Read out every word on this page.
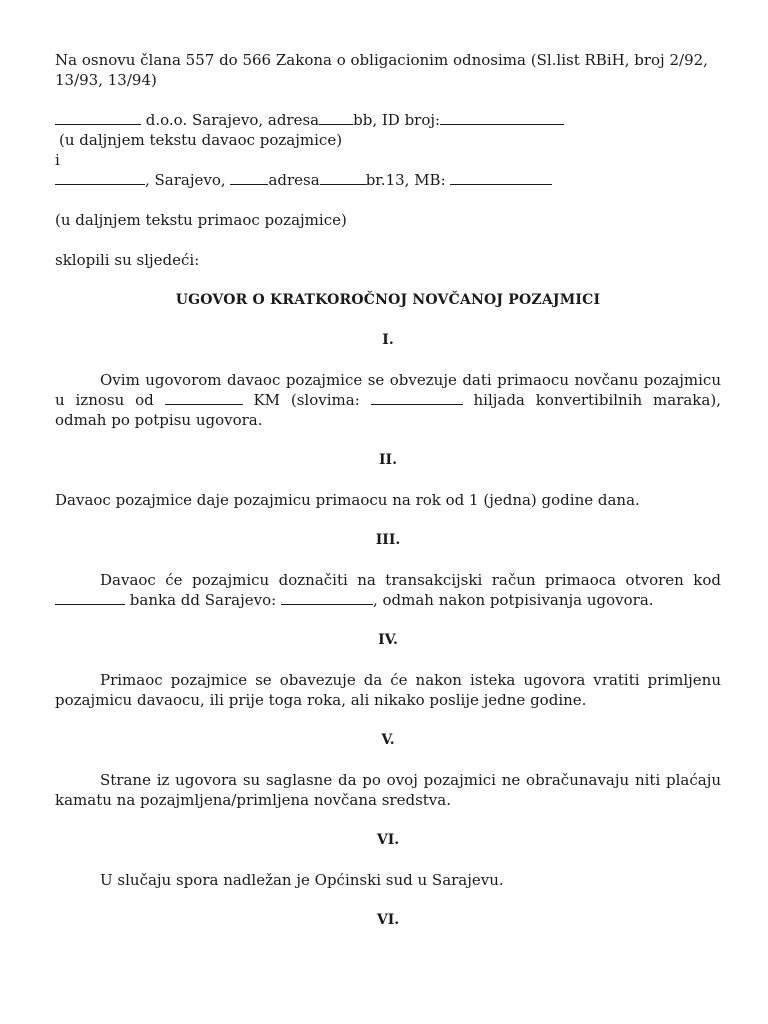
Na osnovu člana 557 do 566 Zakona o obligacionim odnosima (Sl.list RBiH, broj 2/92,
13/93, 13/94)
d.o.o. Sarajevo, adresa bb, ID broj:
(u daljnjem tekstu davaoc pozajmice)
i
, Sarajevo,	adresa	br.13, MB:
(u daljnjem tekstu primaoc pozajmice)
sklopili su sljedeći:
UGOVOR O KRATKOROČNOJ NOVČANOJ POZAJMICI
I.
Ovim ugovorom davaoc pozajmice se obvezuje dati primaocu novčanu pozajmicu u iznosu od	KM (slovima:	hiljada konvertibilnih maraka), odmah po potpisu ugovora.
II.
Davaoc pozajmice daje pozajmicu primaocu na rok od 1 (jedna) godine dana.
III.
Davaoc će pozajmicu doznačiti na transakcijski račun primaoca otvoren kod  banka dd Sarajevo:	, odmah nakon potpisivanja ugovora.
IV.
Primaoc pozajmice se obavezuje da će nakon isteka ugovora vratiti primljenu pozajmicu davaocu, ili prije toga roka, ali nikako poslije jedne godine.
V.
Strane iz ugovora su saglasne da po ovoj pozajmici ne obračunavaju niti plaćaju kamatu na pozajmljena/primljena novčana sredstva.
VI.
U slučaju spora nadležan je Općinski sud u Sarajevu.
VI.
